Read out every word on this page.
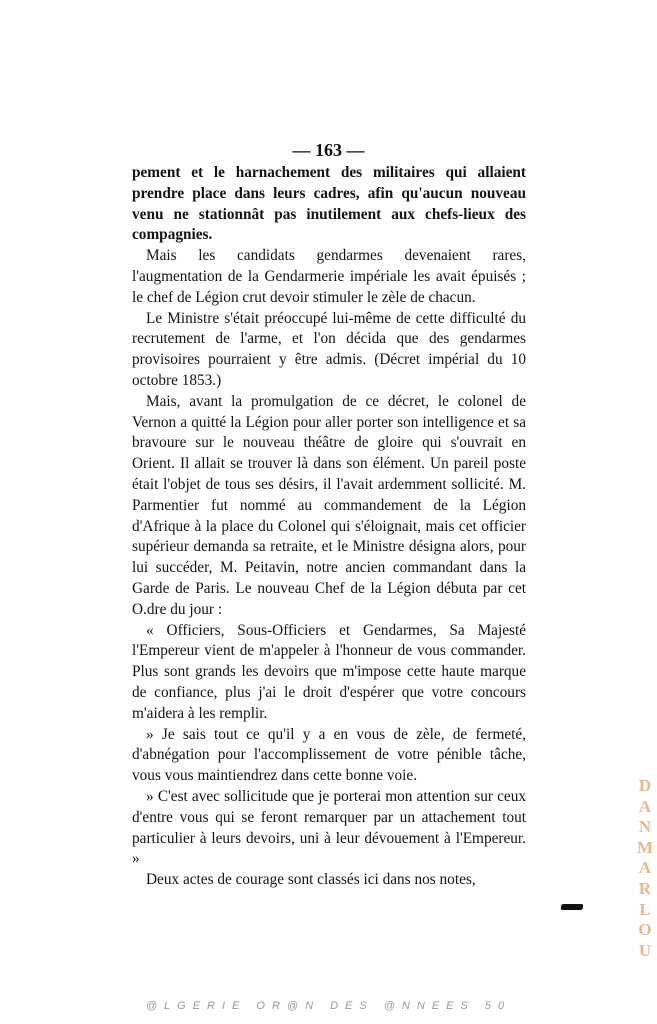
— 163 —

pement et le harnachement des militaires qui allaient prendre place dans leurs cadres, afin qu'aucun nouveau venu ne stationnât pas inutilement aux chefs-lieux des compagnies.

Mais les candidats gendarmes devenaient rares, l'augmentation de la Gendarmerie impériale les avait épuisés ; le chef de Légion crut devoir stimuler le zèle de chacun.

Le Ministre s'était préoccupé lui-même de cette difficulté du recrutement de l'arme, et l'on décida que des gendarmes provisoires pourraient y être admis. (Décret impérial du 10 octobre 1853.)

Mais, avant la promulgation de ce décret, le colonel de Vernon a quitté la Légion pour aller porter son intelligence et sa bravoure sur le nouveau théâtre de gloire qui s'ouvrait en Orient. Il allait se trouver là dans son élément. Un pareil poste était l'objet de tous ses désirs, il l'avait ardemment sollicité. M. Parmentier fut nommé au commandement de la Légion d'Afrique à la place du Colonel qui s'éloignait, mais cet officier supérieur demanda sa retraite, et le Ministre désigna alors, pour lui succéder, M. Peitavin, notre ancien commandant dans la Garde de Paris. Le nouveau Chef de la Légion débuta par cet O.dre du jour :

« Officiers, Sous-Officiers et Gendarmes, Sa Majesté l'Empereur vient de m'appeler à l'honneur de vous commander. Plus sont grands les devoirs que m'impose cette haute marque de confiance, plus j'ai le droit d'espérer que votre concours m'aidera à les remplir.

» Je sais tout ce qu'il y a en vous de zèle, de fermeté, d'abnégation pour l'accomplissement de votre pénible tâche, vous vous maintiendrez dans cette bonne voie.

» C'est avec sollicitude que je porterai mon attention sur ceux d'entre vous qui se feront remarquer par un attachement tout particulier à leurs devoirs, uni à leur dévouement à l'Empereur. »

Deux actes de courage sont classés ici dans nos notes,

DANMARLOU
@LGERIE OR@N DES @NNEES 50
